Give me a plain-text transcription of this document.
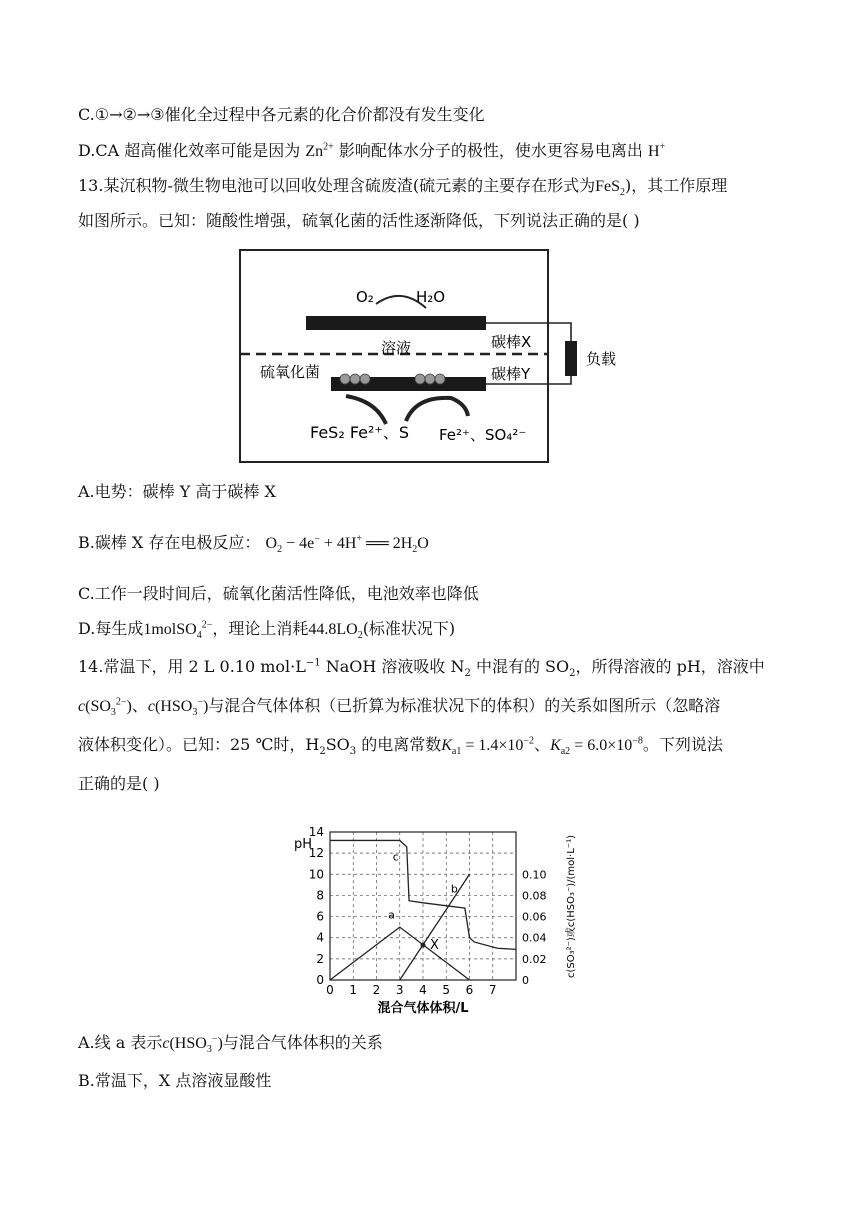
C.①→②→③催化全过程中各元素的化合价都没有发生变化
D.CA 超高催化效率可能是因为 $Zn^{2+}$ 影响配体水分子的极性，使水更容易电离出 H+
13.某沉积物-微生物电池可以回收处理含硫废渣(硫元素的主要存在形式为FeS$_2$)，其工作原理
如图所示。已知：随酸性增强，硫氧化菌的活性逐渐降低，下列说法正确的是( )
O₂	H₂O
溶液	碳棒X
碳棒Y
负载
硫氧化菌
FeS₂ Fe²⁺、S Fe²⁺、SO₄²⁻
A.电势：碳棒 Y 高于碳棒 X
B.碳棒 X 存在电极反应： $O_2 - 4e^- + 4H^+$ ══ $2H_2O$
C.工作一段时间后，硫氧化菌活性降低，电池效率也降低
D.每生成1molSO$_4^{2-}$，理论上消耗$44.8LO_2$(标准状况下)
14.常温下，用 2 L 0.10 $mol\cdot L^{-1}$ NaOH 溶液吸收 $N_2$ 中混有的 $SO_2$，所得溶液的 pH，溶液中
$c(SO_3^{2-})$、$c(HSO_3^-)$与混合气体体积（已折算为标准状况下的体积）的关系如图所示（忽略溶
液体积变化）。已知：25 ℃时，$H_2SO_3$ 的电离常数$K_{a1} = 1.4\times 10^{-2}$、$K_{a2} = 6.0\times 10^{-8}$。下列说法
正确的是( )
0 1 2 3 4 5 6 7
0
2
4
6
8
10
12
14
0
0.02
0.04
0.06
0.08
0.10
pH
混合气体体积/L
c(SO₃²⁻)或c(HSO₃⁻)/(mol·L⁻¹)
a
b
c
X
A.线 a 表示$c(HSO_3^-)$与混合气体体积的关系
B.常温下，X 点溶液显酸性
